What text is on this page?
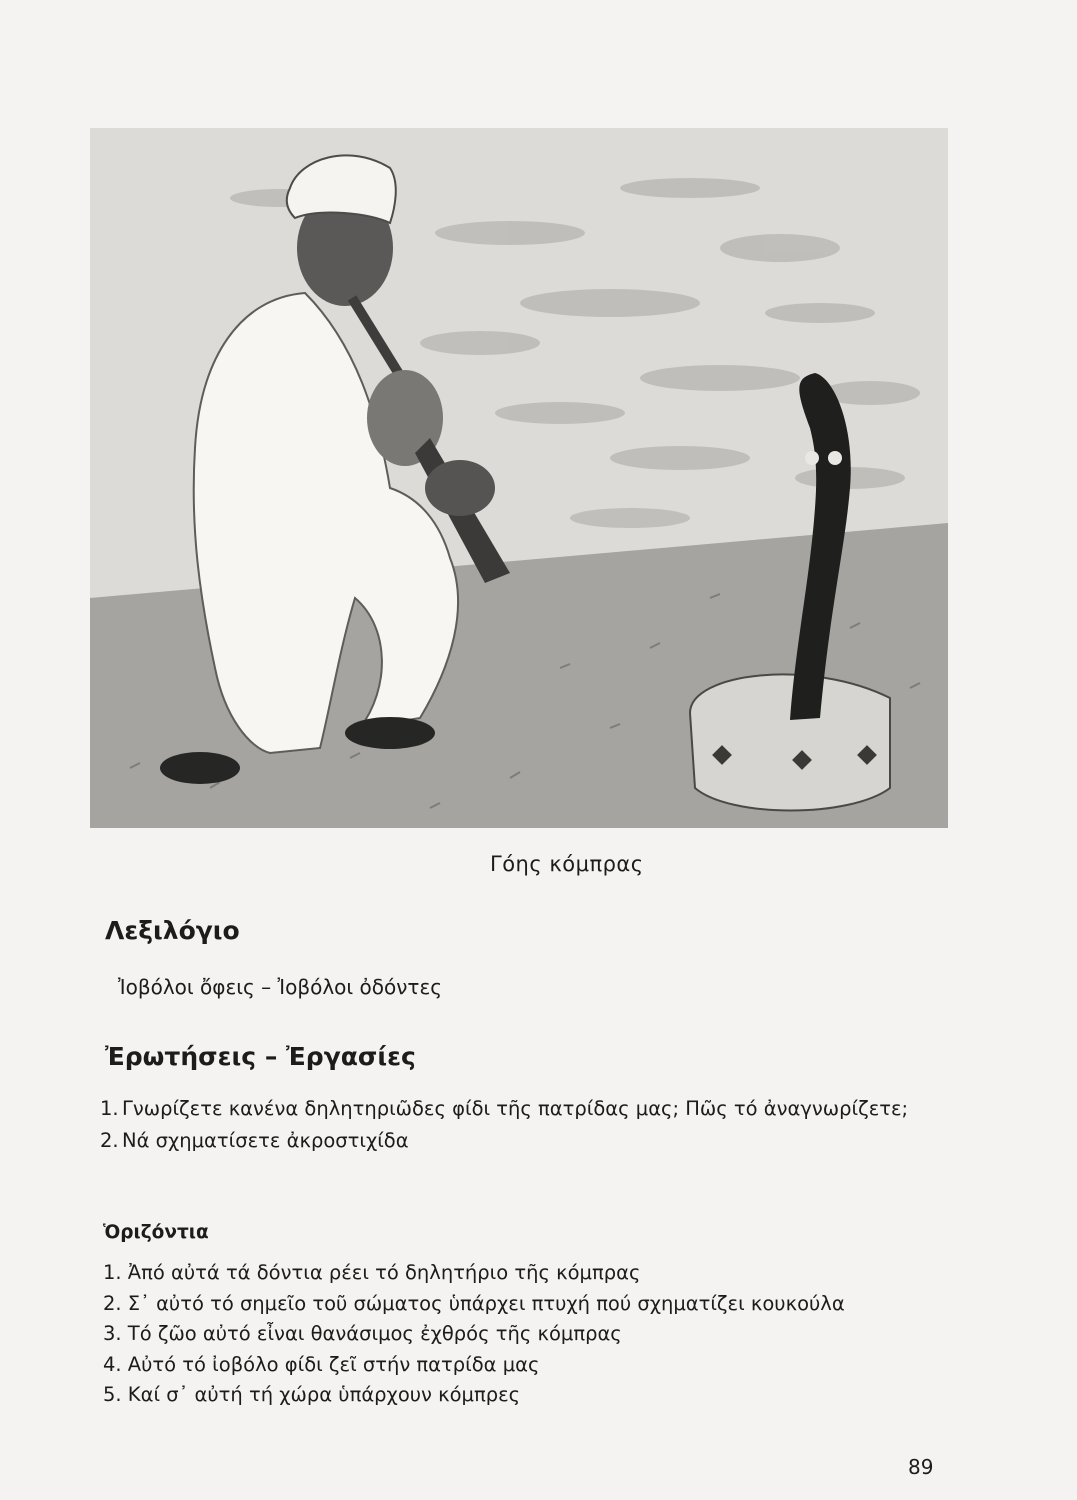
Γόης κόμπρας
Λεξιλόγιο
Ἰοβόλοι ὄφεις – Ἰοβόλοι ὀδόντες
Ἐρωτήσεις – Ἐργασίες
1. Γνωρίζετε κανένα δηλητηριῶδες φίδι τῆς πατρίδας μας; Πῶς τό ἀναγνωρίζετε;
2. Νά σχηματίσετε ἀκροστιχίδα
Ὁριζόντια
1. Ἀπό αὐτά τά δόντια ρέει τό δηλητήριο τῆς κόμπρας
2. Σ᾽ αὐτό τό σημεῖο τοῦ σώματος ὑπάρχει πτυχή πού σχηματίζει κουκούλα
3. Τό ζῶο αὐτό εἶναι θανάσιμος ἐχθρός τῆς κόμπρας
4. Αὐτό τό ἰοβόλο φίδι ζεῖ στήν πατρίδα μας
5. Καί σ᾽ αὐτή τή χώρα ὑπάρχουν κόμπρες
89
